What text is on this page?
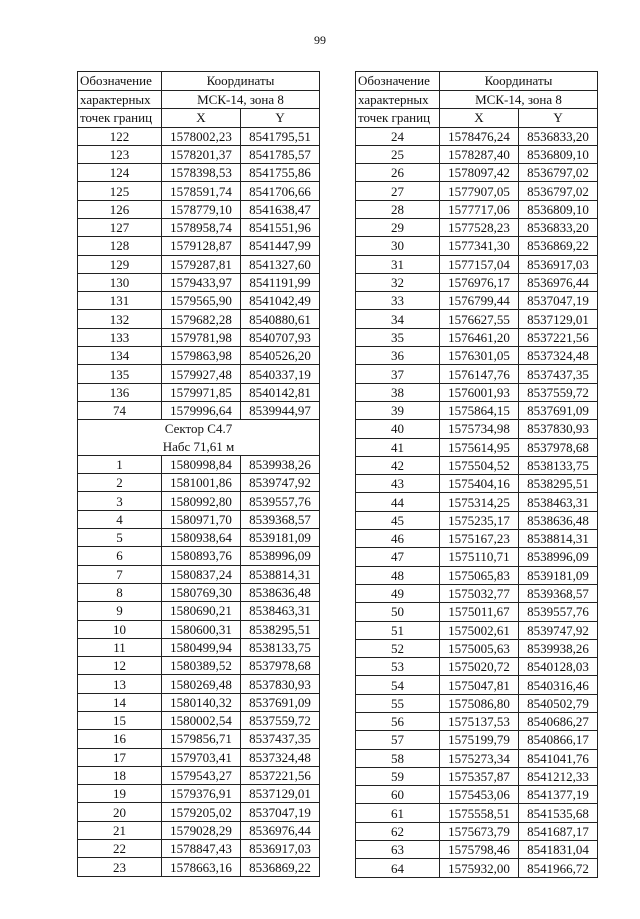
99
Обозначение	Координаты	
характерных	МСК-14, зона 8	
точек границ	X	Y
122	1578002,23	8541795,51
123	1578201,37	8541785,57
124	1578398,53	8541755,86
125	1578591,74	8541706,66
126	1578779,10	8541638,47
127	1578958,74	8541551,96
128	1579128,87	8541447,99
129	1579287,81	8541327,60
130	1579433,97	8541191,99
131	1579565,90	8541042,49
132	1579682,28	8540880,61
133	1579781,98	8540707,93
134	1579863,98	8540526,20
135	1579927,48	8540337,19
136	1579971,85	8540142,81
74	1579996,64	8539944,97
Сектор С4.7		
Набс 71,61 м		
1	1580998,84	8539938,26
2	1581001,86	8539747,92
3	1580992,80	8539557,76
4	1580971,70	8539368,57
5	1580938,64	8539181,09
6	1580893,76	8538996,09
7	1580837,24	8538814,31
8	1580769,30	8538636,48
9	1580690,21	8538463,31
10	1580600,31	8538295,51
11	1580499,94	8538133,75
12	1580389,52	8537978,68
13	1580269,48	8537830,93
14	1580140,32	8537691,09
15	1580002,54	8537559,72
16	1579856,71	8537437,35
17	1579703,41	8537324,48
18	1579543,27	8537221,56
19	1579376,91	8537129,01
20	1579205,02	8537047,19
21	1579028,29	8536976,44
22	1578847,43	8536917,03
23	1578663,16	8536869,22
Обозначение	Координаты	
характерных	МСК-14, зона 8	
точек границ	X	Y
24	1578476,24	8536833,20
25	1578287,40	8536809,10
26	1578097,42	8536797,02
27	1577907,05	8536797,02
28	1577717,06	8536809,10
29	1577528,23	8536833,20
30	1577341,30	8536869,22
31	1577157,04	8536917,03
32	1576976,17	8536976,44
33	1576799,44	8537047,19
34	1576627,55	8537129,01
35	1576461,20	8537221,56
36	1576301,05	8537324,48
37	1576147,76	8537437,35
38	1576001,93	8537559,72
39	1575864,15	8537691,09
40	1575734,98	8537830,93
41	1575614,95	8537978,68
42	1575504,52	8538133,75
43	1575404,16	8538295,51
44	1575314,25	8538463,31
45	1575235,17	8538636,48
46	1575167,23	8538814,31
47	1575110,71	8538996,09
48	1575065,83	8539181,09
49	1575032,77	8539368,57
50	1575011,67	8539557,76
51	1575002,61	8539747,92
52	1575005,63	8539938,26
53	1575020,72	8540128,03
54	1575047,81	8540316,46
55	1575086,80	8540502,79
56	1575137,53	8540686,27
57	1575199,79	8540866,17
58	1575273,34	8541041,76
59	1575357,87	8541212,33
60	1575453,06	8541377,19
61	1575558,51	8541535,68
62	1575673,79	8541687,17
63	1575798,46	8541831,04
64	1575932,00	8541966,72
